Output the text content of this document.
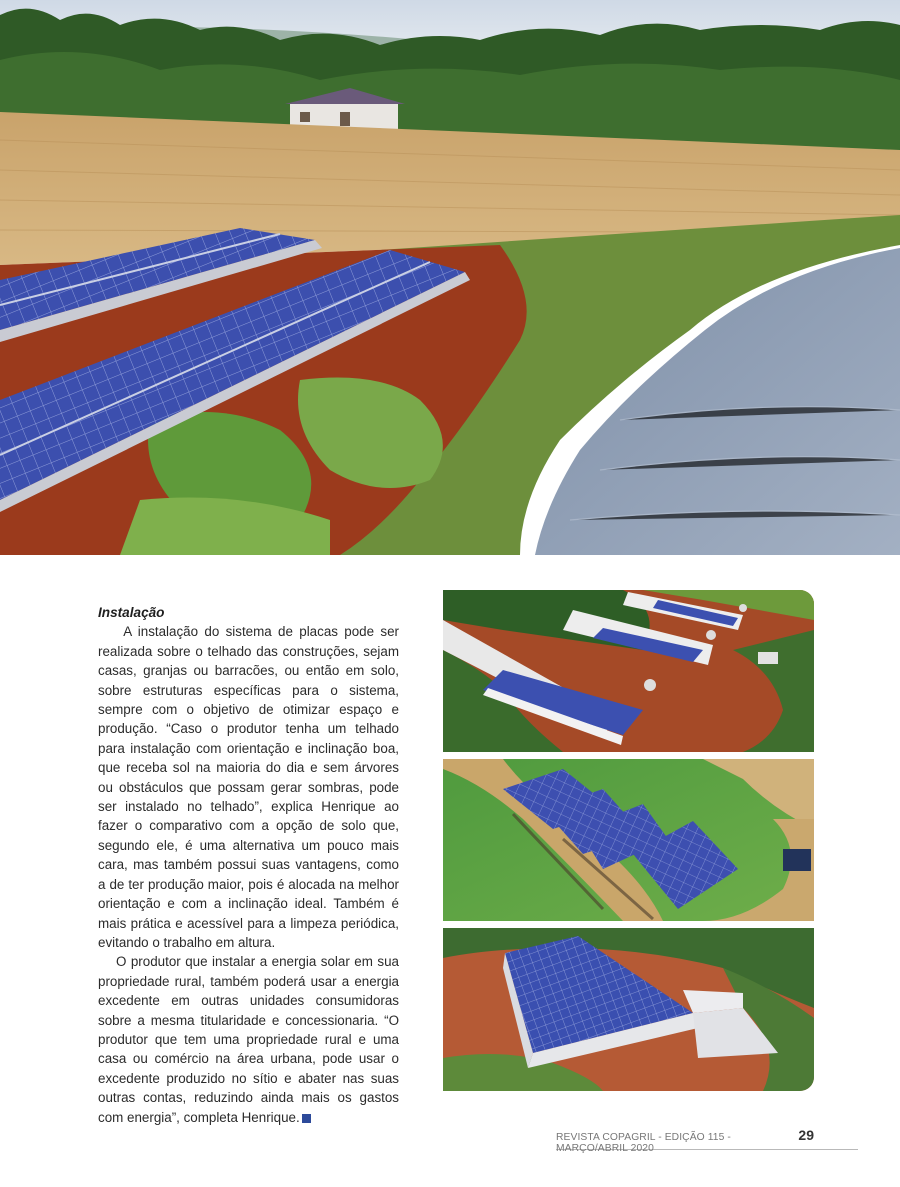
Instalação

A instalação do sistema de placas pode ser realizada sobre o telhado das construções, sejam casas, granjas ou barracões, ou então em solo, sobre estruturas específicas para o sistema, sempre com o objetivo de otimizar espaço e produção. “Caso o produtor tenha um telhado para instalação com orientação e inclinação boa, que receba sol na maioria do dia e sem árvores ou obstáculos que possam gerar sombras, pode ser instalado no telhado”, explica Henrique ao fazer o comparativo com a opção de solo que, segundo ele, é uma alternativa um pouco mais cara, mas também possui suas vantagens, como a de ter produção maior, pois é alocada na melhor orientação e com a inclinação ideal. Também é mais prática e acessível para a limpeza periódica, evitando o trabalho em altura.

O produtor que instalar a energia solar em sua propriedade rural, também poderá usar a energia excedente em outras unidades consumidoras sobre a mesma titularidade e concessionaria. “O produtor que tem uma propriedade rural e uma casa ou comércio na área urbana, pode usar o excedente produzido no sítio e abater nas suas outras contas, reduzindo ainda mais os gastos com energia”, completa Henrique.

REVISTA COPAGRIL - EDIÇÃO 115 - MARÇO/ABRIL 2020
29
